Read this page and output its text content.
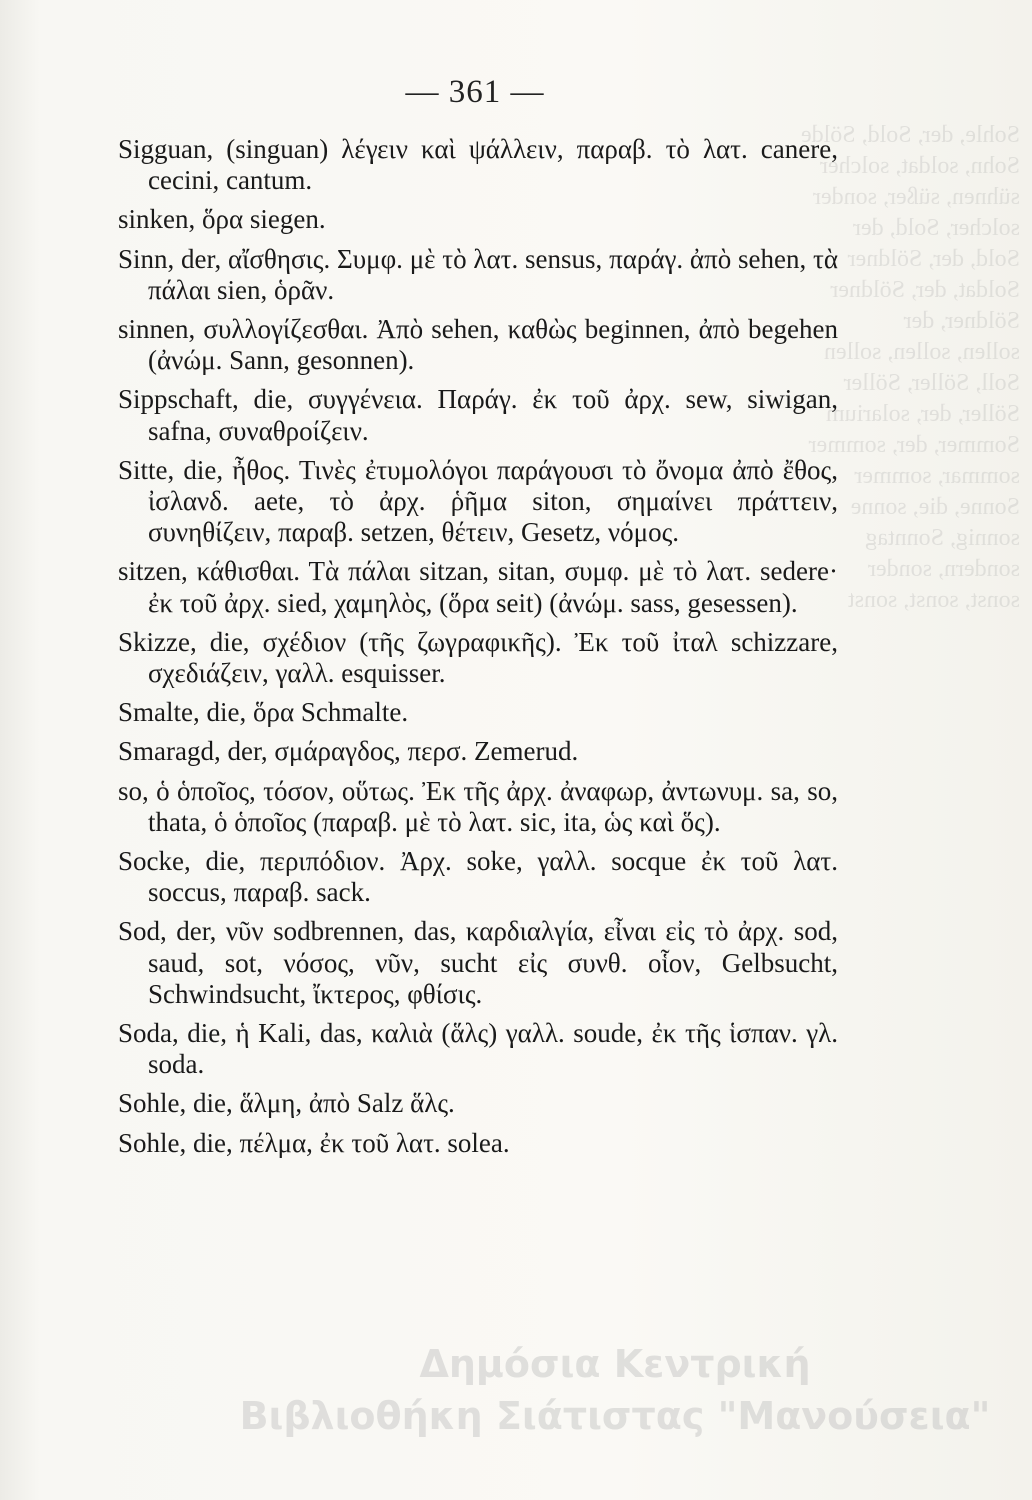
Sohle, der, Sold, Sölde
Sohn, soldat, solcher
sühnen, süßer, sonder
solcher, Sold, der
Sold, der, Söldner
Soldat, der, Söldner
Söldner, der
sollen, sollen, sollen
Soll, Söller, Söller
Söller, der, solarium
Sommer, der, sommer
sommar, sommer
Sonne, die, sonne
sonnig, Sonntag
sondern, sonder
sonst, sonst, sonst
— 361 —

Sigguan, (singuan) λέγειν καὶ ψάλλειν, παραβ. τὸ λατ. canere, cecini, cantum.

sinken, ὅρα siegen.

Sinn, der, αἴσθησις. Συμφ. μὲ τὸ λατ. sensus, παράγ. ἀπὸ sehen, τὰ πάλαι sien, ὁρᾶν.

sinnen, συλλογίζεσθαι. Ἀπὸ sehen, καθὼς beginnen, ἀπὸ begehen (ἀνώμ. Sann, gesonnen).

Sippschaft, die, συγγένεια. Παράγ. ἐκ τοῦ ἀρχ. sew, siwigan, safna, συναθροίζειν.

Sitte, die, ἦθος. Τινὲς ἐτυμολόγοι παράγουσι τὸ ὄνομα ἀπὸ ἔθος, ἰσλανδ. aete, τὸ ἀρχ. ῥῆμα siton, σημαίνει πράττειν, συνηθίζειν, παραβ. setzen, θέτειν, Gesetz, νόμος.

sitzen, κάθισθαι. Τὰ πάλαι sitzan, sitan, συμφ. μὲ τὸ λατ. sedere· ἐκ τοῦ ἀρχ. sied, χαμηλὸς, (ὅρα seit) (ἀνώμ. sass, gesessen).

Skizze, die, σχέδιον (τῆς ζωγραφικῆς). Ἐκ τοῦ ἰταλ schizzare, σχεδιάζειν, γαλλ. esquisser.

Smalte, die, ὅρα Schmalte.

Smaragd, der, σμάραγδος, περσ. Zemerud.

so, ὁ ὁποῖος, τόσον, οὕτως. Ἐκ τῆς ἀρχ. ἀναφωρ, ἀντωνυμ. sa, so, thata, ὁ ὁποῖος (παραβ. μὲ τὸ λατ. sic, ita, ὡς καὶ ὅς).

Socke, die, περιπόδιον. Ἀρχ. soke, γαλλ. socque ἐκ τοῦ λατ. soccus, παραβ. sack.

Sod, der, νῦν sodbrennen, das, καρδιαλγία, εἶναι εἰς τὸ ἀρχ. sod, saud, sot, νόσος, νῦν, sucht εἰς συνθ. οἷον, Gelbsucht, Schwindsucht, ἴκτερος, φθίσις.

Soda, die, ἡ Kali, das, καλιὰ (ἅλς) γαλλ. soude, ἐκ τῆς ἱσπαν. γλ. soda.

Sohle, die, ἅλμη, ἀπὸ Salz ἅλς.

Sohle, die, πέλμα, ἐκ τοῦ λατ. solea.

Δημόσια Κεντρική
Βιβλιοθήκη Σιάτιστας "Μανούσεια"
